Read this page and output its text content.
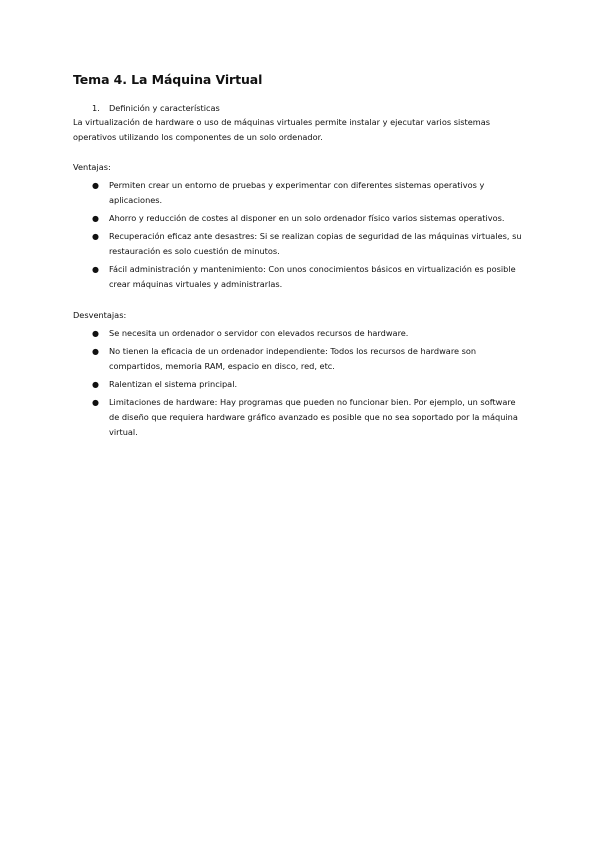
Tema 4. La Máquina Virtual
1.	Definición y características

La virtualización de hardware o uso de máquinas virtuales permite instalar y ejecutar varios sistemas operativos utilizando los componentes de un solo ordenador.

Ventajas:
● Permiten crear un entorno de pruebas y experimentar con diferentes sistemas operativos y aplicaciones.
● Ahorro y reducción de costes al disponer en un solo ordenador físico varios sistemas operativos.
● Recuperación eficaz ante desastres: Si se realizan copias de seguridad de las máquinas virtuales, su restauración es solo cuestión de minutos.
● Fácil administración y mantenimiento: Con unos conocimientos básicos en virtualización es posible crear máquinas virtuales y administrarlas.
Desventajas:
● Se necesita un ordenador o servidor con elevados recursos de hardware.
● No tienen la eficacia de un ordenador independiente: Todos los recursos de hardware son compartidos, memoria RAM, espacio en disco, red, etc.
● Ralentizan el sistema principal.
● Limitaciones de hardware: Hay programas que pueden no funcionar bien. Por ejemplo, un software de diseño que requiera hardware gráfico avanzado es posible que no sea soportado por la máquina virtual.
